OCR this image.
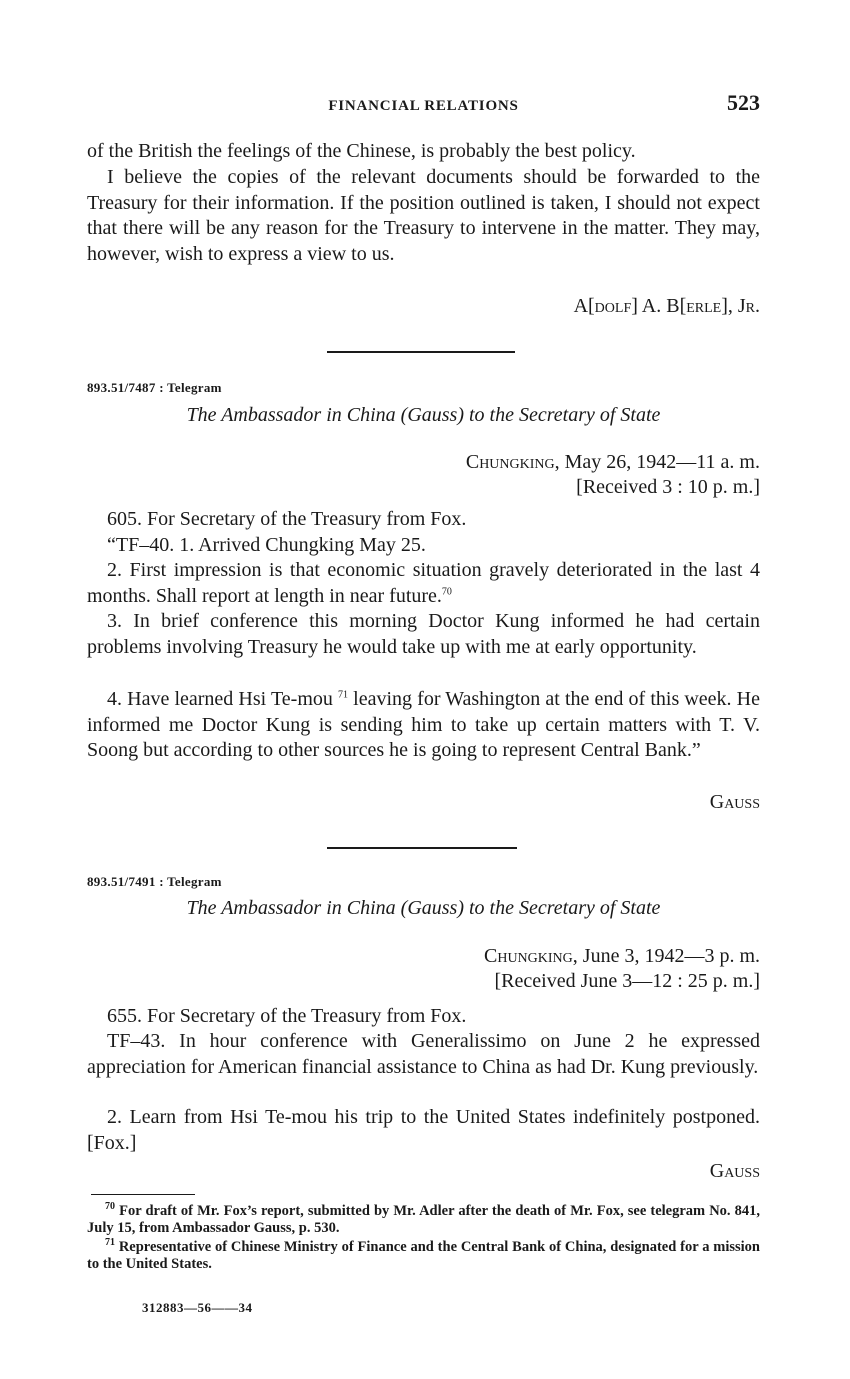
FINANCIAL RELATIONS	523

of the British the feelings of the Chinese, is probably the best policy.

I believe the copies of the relevant documents should be forwarded to the Treasury for their information. If the position outlined is taken, I should not expect that there will be any reason for the Treasury to intervene in the matter. They may, however, wish to express a view to us.

A[dolf] A. B[erle], Jr.
893.51/7487 : Telegram
The Ambassador in China (Gauss) to the Secretary of State
Chungking, May 26, 1942—11 a. m.
[Received 3 : 10 p. m.]

605. For Secretary of the Treasury from Fox.

“TF–40. 1. Arrived Chungking May 25.

2. First impression is that economic situation gravely deteriorated in the last 4 months. Shall report at length in near future.$^{70}$

3. In brief conference this morning Doctor Kung informed he had certain problems involving Treasury he would take up with me at early opportunity.

4. Have learned Hsi Te-mou $^{71}$ leaving for Washington at the end of this week. He informed me Doctor Kung is sending him to take up certain matters with T. V. Soong but according to other sources he is going to represent Central Bank.”

Gauss
893.51/7491 : Telegram
The Ambassador in China (Gauss) to the Secretary of State
Chungking, June 3, 1942—3 p. m.
[Received June 3—12 : 25 p. m.]

655. For Secretary of the Treasury from Fox.

TF–43. In hour conference with Generalissimo on June 2 he expressed appreciation for American financial assistance to China as had Dr. Kung previously.

2. Learn from Hsi Te-mou his trip to the United States indefinitely postponed. [Fox.]

Gauss

$^{70}$ For draft of Mr. Fox’s report, submitted by Mr. Adler after the death of Mr. Fox, see telegram No. 841, July 15, from Ambassador Gauss, p. 530.

$^{71}$ Representative of Chinese Ministry of Finance and the Central Bank of China, designated for a mission to the United States.

312883—56——34
